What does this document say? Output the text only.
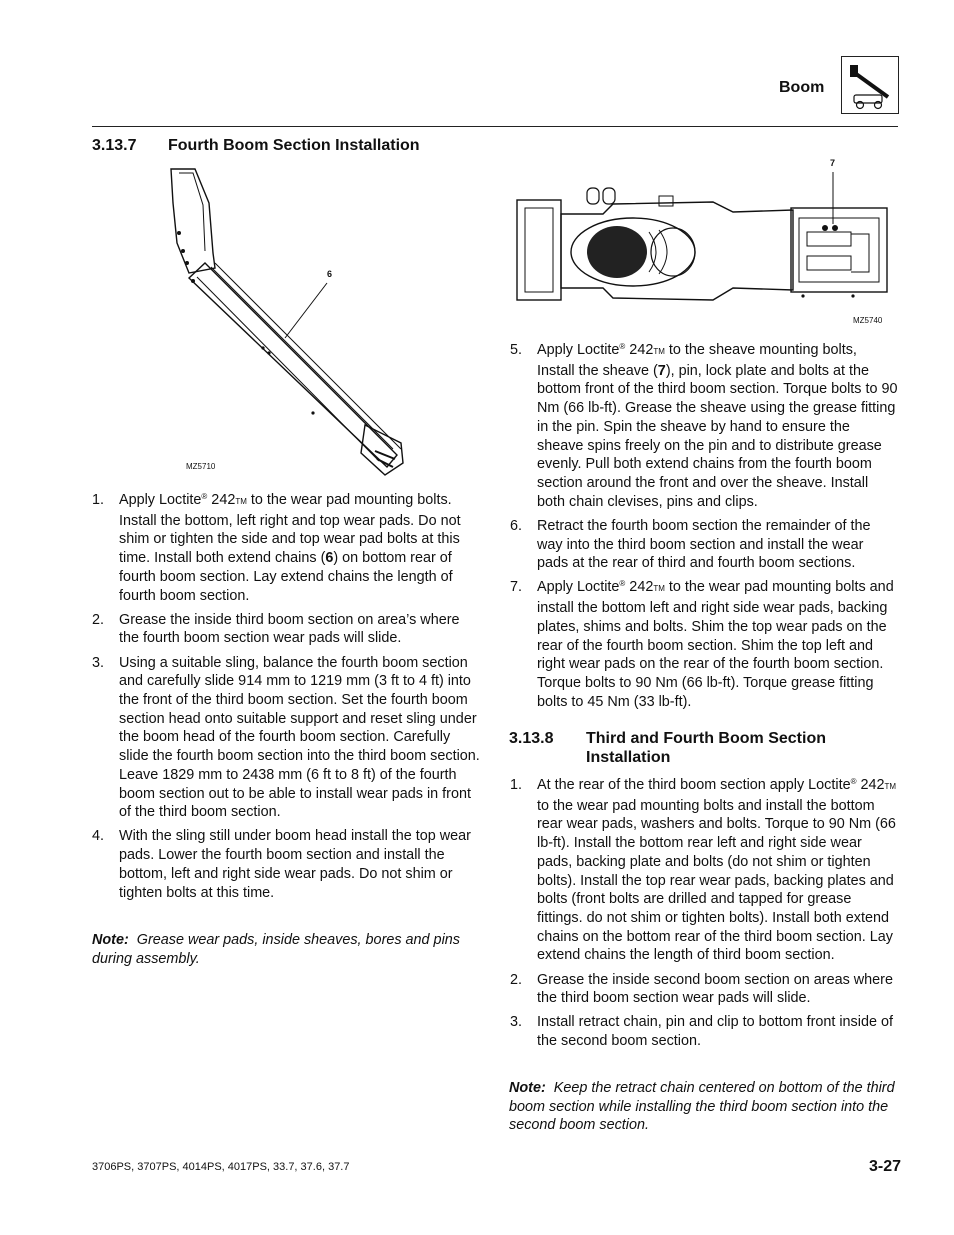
Boom
3.13.7 Fourth Boom Section Installation
6
MZ5710
1. Apply Loctite® 242TM to the wear pad mounting bolts. Install the bottom, left right and top wear pads. Do not shim or tighten the side and top wear pad bolts at this time. Install both extend chains (6) on bottom rear of fourth boom section. Lay extend chains the length of fourth boom section.
2. Grease the inside third boom section on area’s where the fourth boom section wear pads will slide.
3. Using a suitable sling, balance the fourth boom section and carefully slide 914 mm to 1219 mm (3 ft to 4 ft) into the front of the third boom section. Set the fourth boom section head onto suitable support and reset sling under the boom head of the fourth boom section. Carefully slide the fourth boom section into the third boom section. Leave 1829 mm to 2438 mm (6 ft to 8 ft) of the fourth boom section out to be able to install wear pads in front of the third boom section.
4. With the sling still under boom head install the top wear pads. Lower the fourth boom section and install the bottom, left and right side wear pads. Do not shim or tighten bolts at this time.
Note: Grease wear pads, inside sheaves, bores and pins during assembly.
7
MZ5740
5. Apply Loctite® 242TM to the sheave mounting bolts, Install the sheave (7), pin, lock plate and bolts at the bottom front of the third boom section. Torque bolts to 90 Nm (66 lb-ft). Grease the sheave using the grease fitting in the pin. Spin the sheave by hand to ensure the sheave spins freely on the pin and to distribute grease evenly. Pull both extend chains from the fourth boom section around the front and over the sheave. Install both chain clevises, pins and clips.
6. Retract the fourth boom section the remainder of the way into the third boom section and install the wear pads at the rear of third and fourth boom sections.
7. Apply Loctite® 242TM to the wear pad mounting bolts and install the bottom left and right side wear pads, backing plates, shims and bolts. Shim the top wear pads on the rear of the fourth boom section. Shim the top left and right wear pads on the rear of the fourth boom section. Torque bolts to 90 Nm (66 lb-ft). Torque grease fitting bolts to 45 Nm (33 lb-ft).
3.13.8 Third and Fourth Boom Section
Installation
1. At the rear of the third boom section apply Loctite® 242TM to the wear pad mounting bolts and install the bottom rear wear pads, washers and bolts. Torque to 90 Nm (66 lb-ft). Install the bottom rear left and right side wear pads, backing plate and bolts (do not shim or tighten bolts). Install the top rear wear pads, backing plates and bolts (front bolts are drilled and tapped for grease fittings. do not shim or tighten bolts). Install both extend chains on the bottom rear of the third boom section. Lay extend chains the length of third boom section.
2. Grease the inside second boom section on areas where the third boom section wear pads will slide.
3. Install retract chain, pin and clip to bottom front inside of the second boom section.
Note: Keep the retract chain centered on bottom of the third boom section while installing the third boom section into the second boom section.
3706PS, 3707PS, 4014PS, 4017PS, 33.7, 37.6, 37.7	3-27
